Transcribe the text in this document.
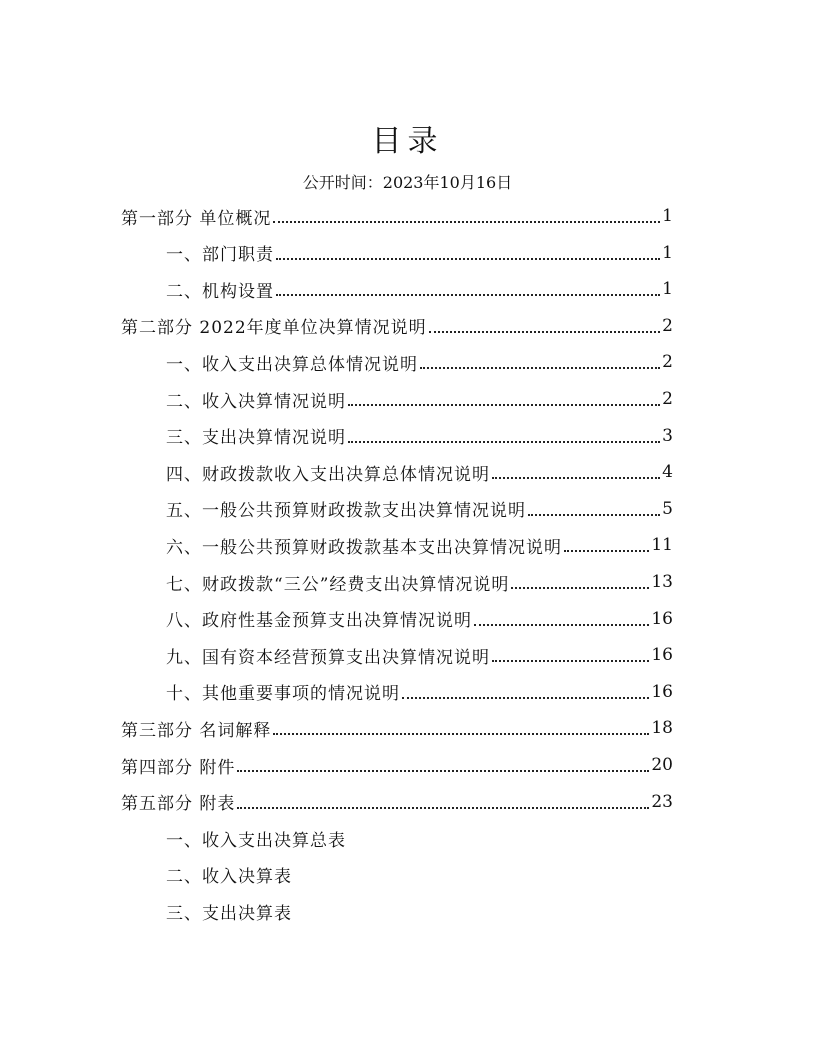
目录
公开时间：2023年10月16日
第一部分 单位概况	1
一、部门职责	1
二、机构设置	1
第二部分 2022年度单位决算情况说明	2
一、收入支出决算总体情况说明	2
二、收入决算情况说明	2
三、支出决算情况说明	3
四、财政拨款收入支出决算总体情况说明	4
五、一般公共预算财政拨款支出决算情况说明	5
六、一般公共预算财政拨款基本支出决算情况说明	11
七、财政拨款“三公”经费支出决算情况说明	13
八、政府性基金预算支出决算情况说明	16
九、国有资本经营预算支出决算情况说明	16
十、其他重要事项的情况说明	16
第三部分 名词解释	18
第四部分 附件	20
第五部分 附表	23
一、收入支出决算总表
二、收入决算表
三、支出决算表
